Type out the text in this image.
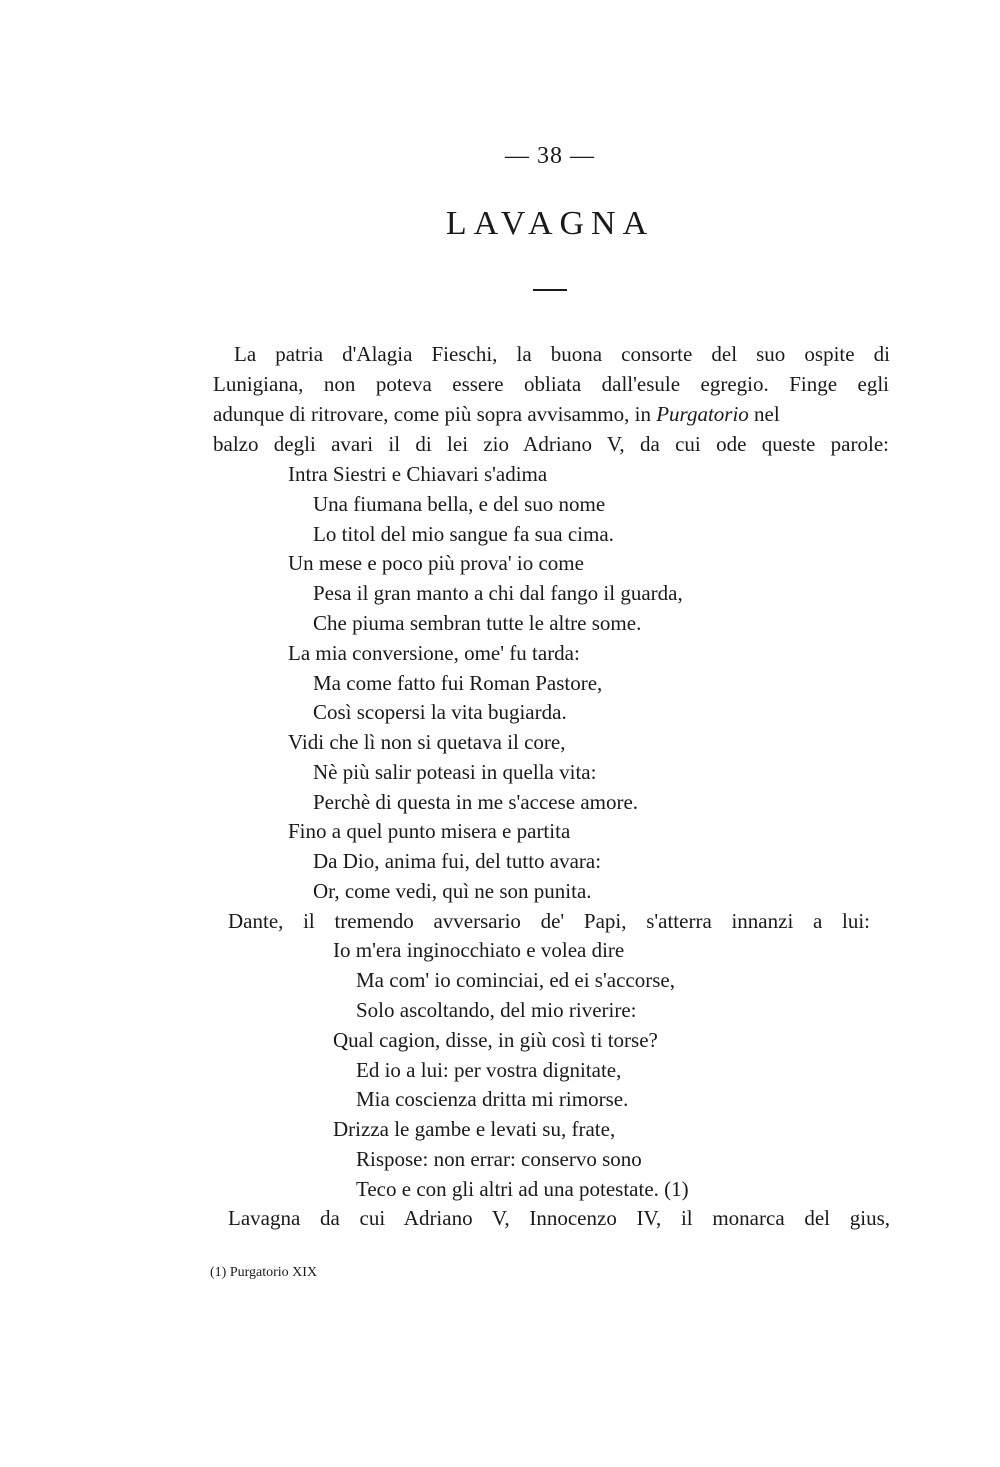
— 38 —
LAVAGNA
La patria d'Alagia Fieschi, la buona consorte del suo ospite di
Lunigiana, non poteva essere obliata dall'esule egregio. Finge egli
adunque di ritrovare, come più sopra avvisammo, in Purgatorio nel
balzo degli avari il di lei zio Adriano V, da cui ode queste parole:
Intra Siestri e Chiavari s'adima
Una fiumana bella, e del suo nome
Lo titol del mio sangue fa sua cima.
Un mese e poco più prova' io come
Pesa il gran manto a chi dal fango il guarda,
Che piuma sembran tutte le altre some.
La mia conversione, ome' fu tarda:
Ma come fatto fui Roman Pastore,
Così scopersi la vita bugiarda.
Vidi che lì non si quetava il core,
Nè più salir poteasi in quella vita:
Perchè di questa in me s'accese amore.
Fino a quel punto misera e partita
Da Dio, anima fui, del tutto avara:
Or, come vedi, quì ne son punita.
Dante, il tremendo avversario de' Papi, s'atterra innanzi a lui:
Io m'era inginocchiato e volea dire
Ma com' io cominciai, ed ei s'accorse,
Solo ascoltando, del mio riverire:
Qual cagion, disse, in giù così ti torse?
Ed io a lui: per vostra dignitate,
Mia coscienza dritta mi rimorse.
Drizza le gambe e levati su, frate,
Rispose: non errar: conservo sono
Teco e con gli altri ad una potestate. (1)
Lavagna da cui Adriano V, Innocenzo IV, il monarca del gius,
(1) Purgatorio XIX
